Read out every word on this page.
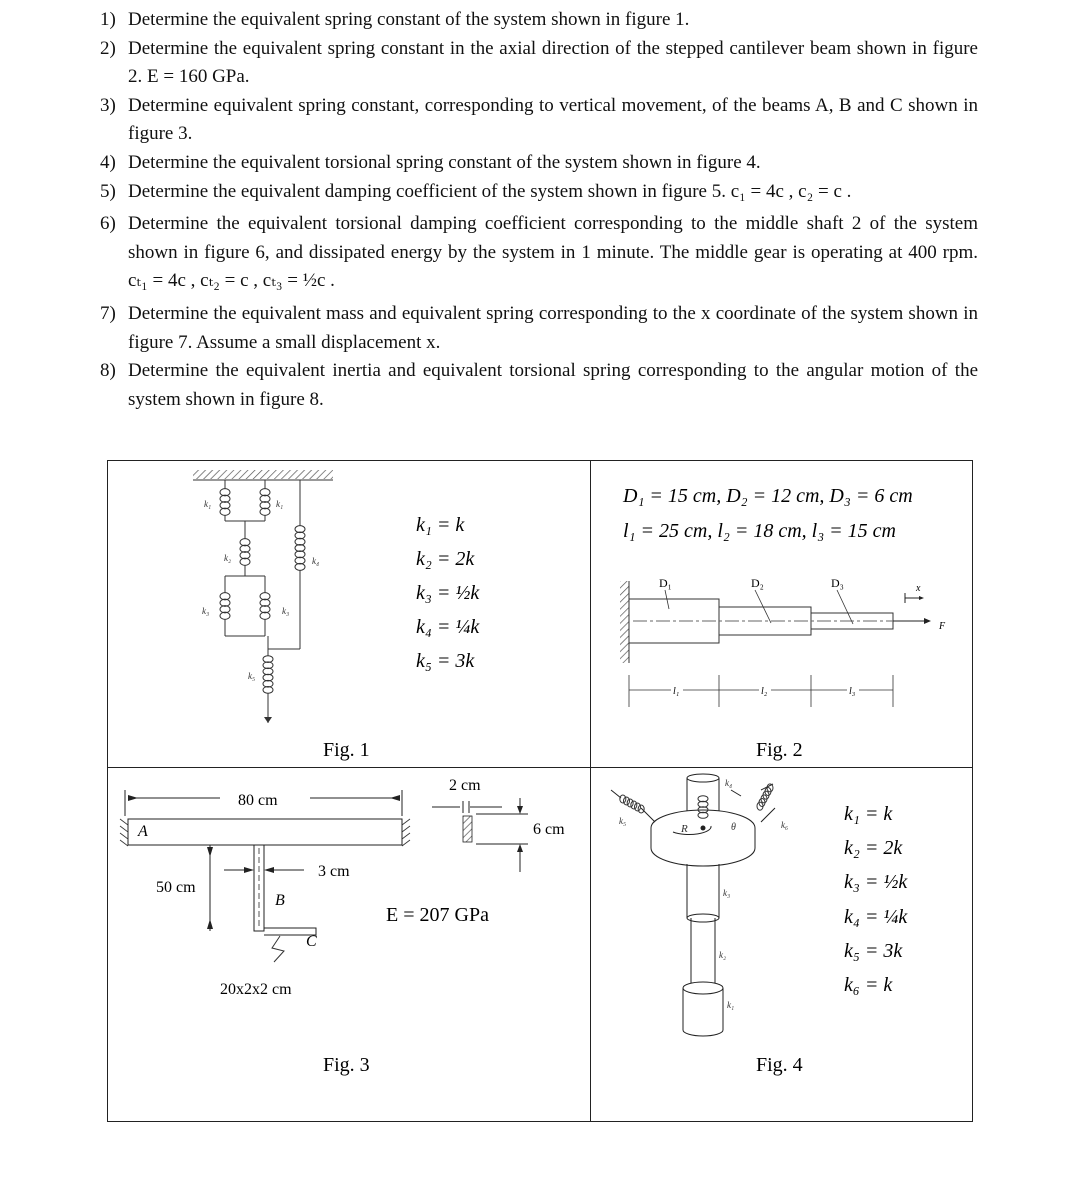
1) Determine the equivalent spring constant of the system shown in figure 1.
2) Determine the equivalent spring constant in the axial direction of the stepped cantilever beam shown in figure 2. E = 160 GPa.
3) Determine equivalent spring constant, corresponding to vertical movement, of the beams A, B and C shown in figure 3.
4) Determine the equivalent torsional spring constant of the system shown in figure 4.
5) Determine the equivalent damping coefficient of the system shown in figure 5. c₁ = 4c , c₂ = c .
6) Determine the equivalent torsional damping coefficient corresponding to the middle shaft 2 of the system shown in figure 6, and dissipated energy by the system in 1 minute. The middle gear is operating at 400 rpm. cₜ₁ = 4c , cₜ₂ = c , cₜ₃ = ½c .
7) Determine the equivalent mass and equivalent spring corresponding to the x coordinate of the system shown in figure 7. Assume a small displacement x.
8) Determine the equivalent inertia and equivalent torsional spring corresponding to the angular motion of the system shown in figure 8.
k₁	k₁
k₂	k₄
k₃	k₃
k₅
k₁ = k
k₂ = 2k
k₃ = ½k
k₄ = ¼k
k₅ = 3k
Fig. 1
D₁ = 15 cm, D₂ = 12 cm, D₃ = 6 cm
l₁ = 25 cm, l₂ = 18 cm, l₃ = 15 cm
F
x
D₁	D₂	D₃
l₁	l₂	l₃
Fig. 2
80 cm
A
50 cm
3 cm
B
C
20x2x2 cm
2 cm
6 cm
E = 207 GPa
Fig. 3
k₄
k₅	k₆
R	θ
k₃
k₂
k₁
k₁ = k
k₂ = 2k
k₃ = ½k
k₄ = ¼k
k₅ = 3k
k₆ = k
Fig. 4
